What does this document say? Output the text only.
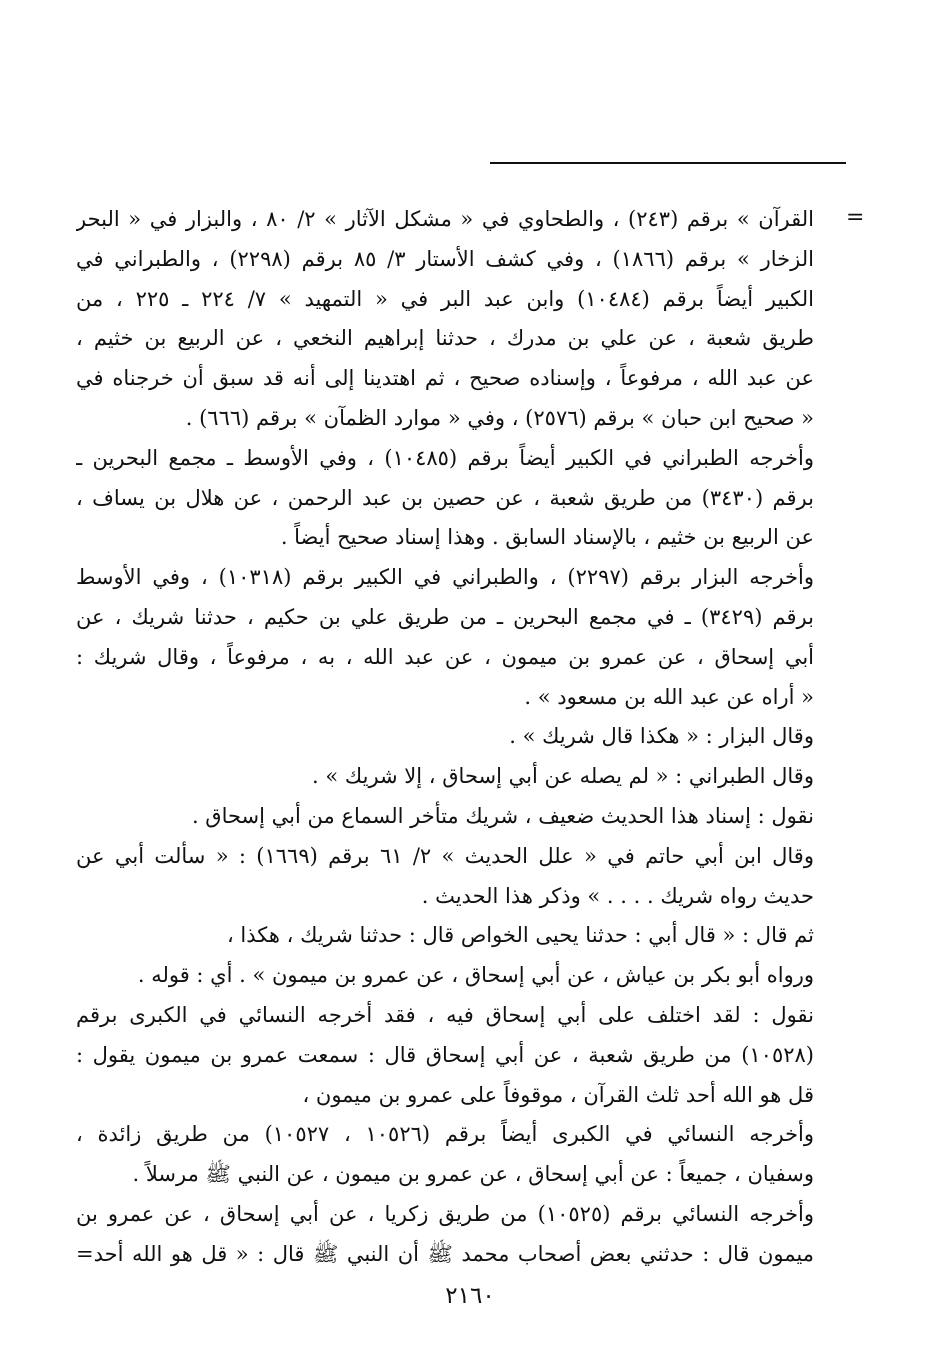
=
القرآن » برقم (٢٤٣) ، والطحاوي في « مشكل الآثار » ٢/ ٨٠ ، والبزار في « البحر
الزخار » برقم (١٨٦٦) ، وفي كشف الأستار ٣/ ٨٥ برقم (٢٢٩٨) ، والطبراني في
الكبير أيضاً برقم (١٠٤٨٤) وابن عبد البر في « التمهيد » ٧/ ٢٢٤ ـ ٢٢٥ ، من
طريق شعبة ، عن علي بن مدرك ، حدثنا إبراهيم النخعي ، عن الربيع بن خثيم ،
عن عبد الله ، مرفوعاً ، وإسناده صحيح ، ثم اهتدينا إلى أنه قد سبق أن خرجناه في
« صحيح ابن حبان » برقم (٢٥٧٦) ، وفي « موارد الظمآن » برقم (٦٦٦) .
وأخرجه الطبراني في الكبير أيضاً برقم (١٠٤٨٥) ، وفي الأوسط ـ مجمع البحرين ـ
برقم (٣٤٣٠) من طريق شعبة ، عن حصين بن عبد الرحمن ، عن هلال بن يساف ،
عن الربيع بن خثيم ، بالإسناد السابق . وهذا إسناد صحيح أيضاً .
وأخرجه البزار برقم (٢٢٩٧) ، والطبراني في الكبير برقم (١٠٣١٨) ، وفي الأوسط
برقم (٣٤٢٩) ـ في مجمع البحرين ـ من طريق علي بن حكيم ، حدثنا شريك ، عن
أبي إسحاق ، عن عمرو بن ميمون ، عن عبد الله ، به ، مرفوعاً ، وقال شريك :
« أراه عن عبد الله بن مسعود » .
وقال البزار : « هكذا قال شريك » .
وقال الطبراني : « لم يصله عن أبي إسحاق ، إلا شريك » .
نقول : إسناد هذا الحديث ضعيف ، شريك متأخر السماع من أبي إسحاق .
وقال ابن أبي حاتم في « علل الحديث » ٢/ ٦١ برقم (١٦٦٩) : « سألت أبي عن
حديث رواه شريك . . . . » وذكر هذا الحديث .
ثم قال : « قال أبي : حدثنا يحيى الخواص قال : حدثنا شريك ، هكذا ،
ورواه أبو بكر بن عياش ، عن أبي إسحاق ، عن عمرو بن ميمون » . أي : قوله .
نقول : لقد اختلف على أبي إسحاق فيه ، فقد أخرجه النسائي في الكبرى برقم
(١٠٥٢٨) من طريق شعبة ، عن أبي إسحاق قال : سمعت عمرو بن ميمون يقول :
قل هو الله أحد ثلث القرآن ، موقوفاً على عمرو بن ميمون ،
وأخرجه النسائي في الكبرى أيضاً برقم (١٠٥٢٦ ، ١٠٥٢٧) من طريق زائدة ،
وسفيان ، جميعاً : عن أبي إسحاق ، عن عمرو بن ميمون ، عن النبي ﷺ مرسلاً .
وأخرجه النسائي برقم (١٠٥٢٥) من طريق زكريا ، عن أبي إسحاق ، عن عمرو بن
ميمون قال : حدثني بعض أصحاب محمد ﷺ أن النبي ﷺ قال : « قل هو الله أحد=
٢١٦٠
